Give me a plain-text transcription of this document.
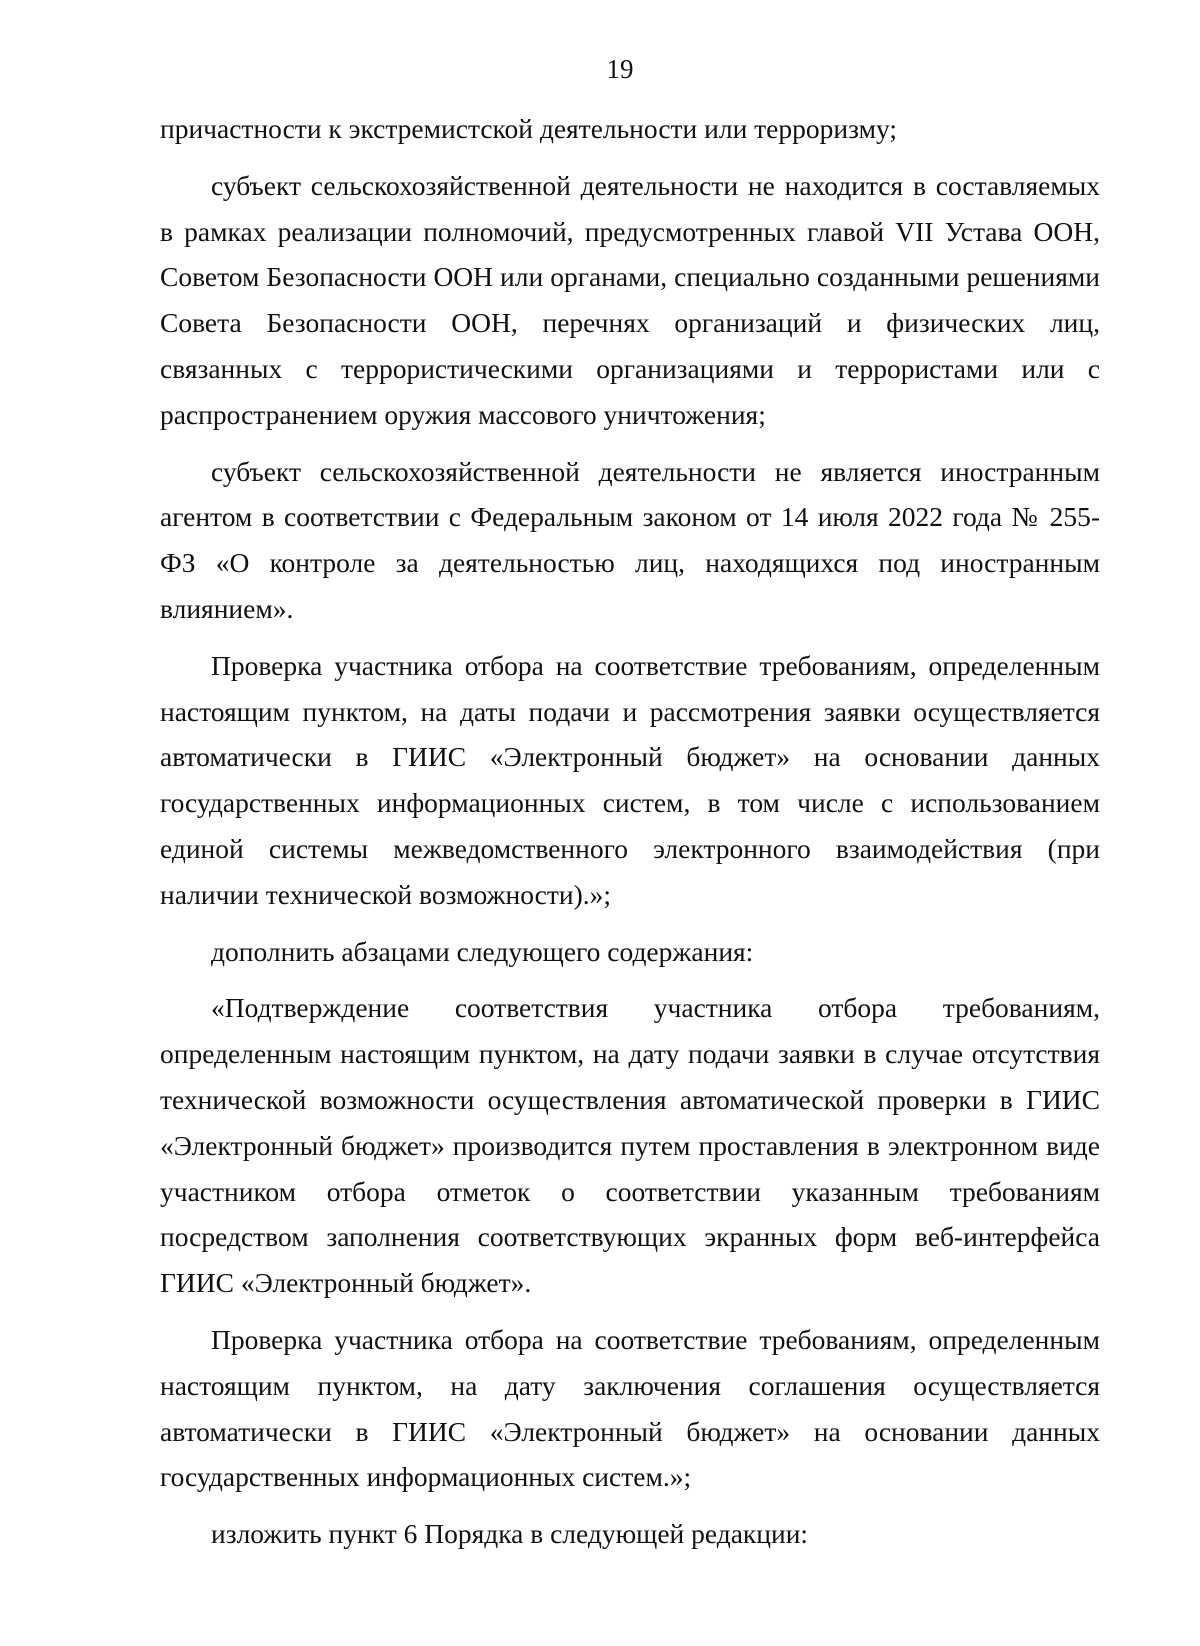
19

причастности к экстремистской деятельности или терроризму;

субъект сельскохозяйственной деятельности не находится в составляемых в рамках реализации полномочий, предусмотренных главой VII Устава ООН, Советом Безопасности ООН или органами, специально созданными решениями Совета Безопасности ООН, перечнях организаций и физических лиц, связанных с террористическими организациями и террористами или с распространением оружия массового уничтожения;

субъект сельскохозяйственной деятельности не является иностранным агентом в соответствии с Федеральным законом от 14 июля 2022 года № 255-ФЗ «О контроле за деятельностью лиц, находящихся под иностранным влиянием».

Проверка участника отбора на соответствие требованиям, определенным настоящим пунктом, на даты подачи и рассмотрения заявки осуществляется автоматически в ГИИС «Электронный бюджет» на основании данных государственных информационных систем, в том числе с использованием единой системы межведомственного электронного взаимодействия (при наличии технической возможности).»;

дополнить абзацами следующего содержания:

«Подтверждение соответствия участника отбора требованиям, определенным настоящим пунктом, на дату подачи заявки в случае отсутствия технической возможности осуществления автоматической проверки в ГИИС «Электронный бюджет» производится путем проставления в электронном виде участником отбора отметок о соответствии указанным требованиям посредством заполнения соответствующих экранных форм веб-интерфейса ГИИС «Электронный бюджет».

Проверка участника отбора на соответствие требованиям, определенным настоящим пунктом, на дату заключения соглашения осуществляется автоматически в ГИИС «Электронный бюджет» на основании данных государственных информационных систем.»;

изложить пункт 6 Порядка в следующей редакции:
